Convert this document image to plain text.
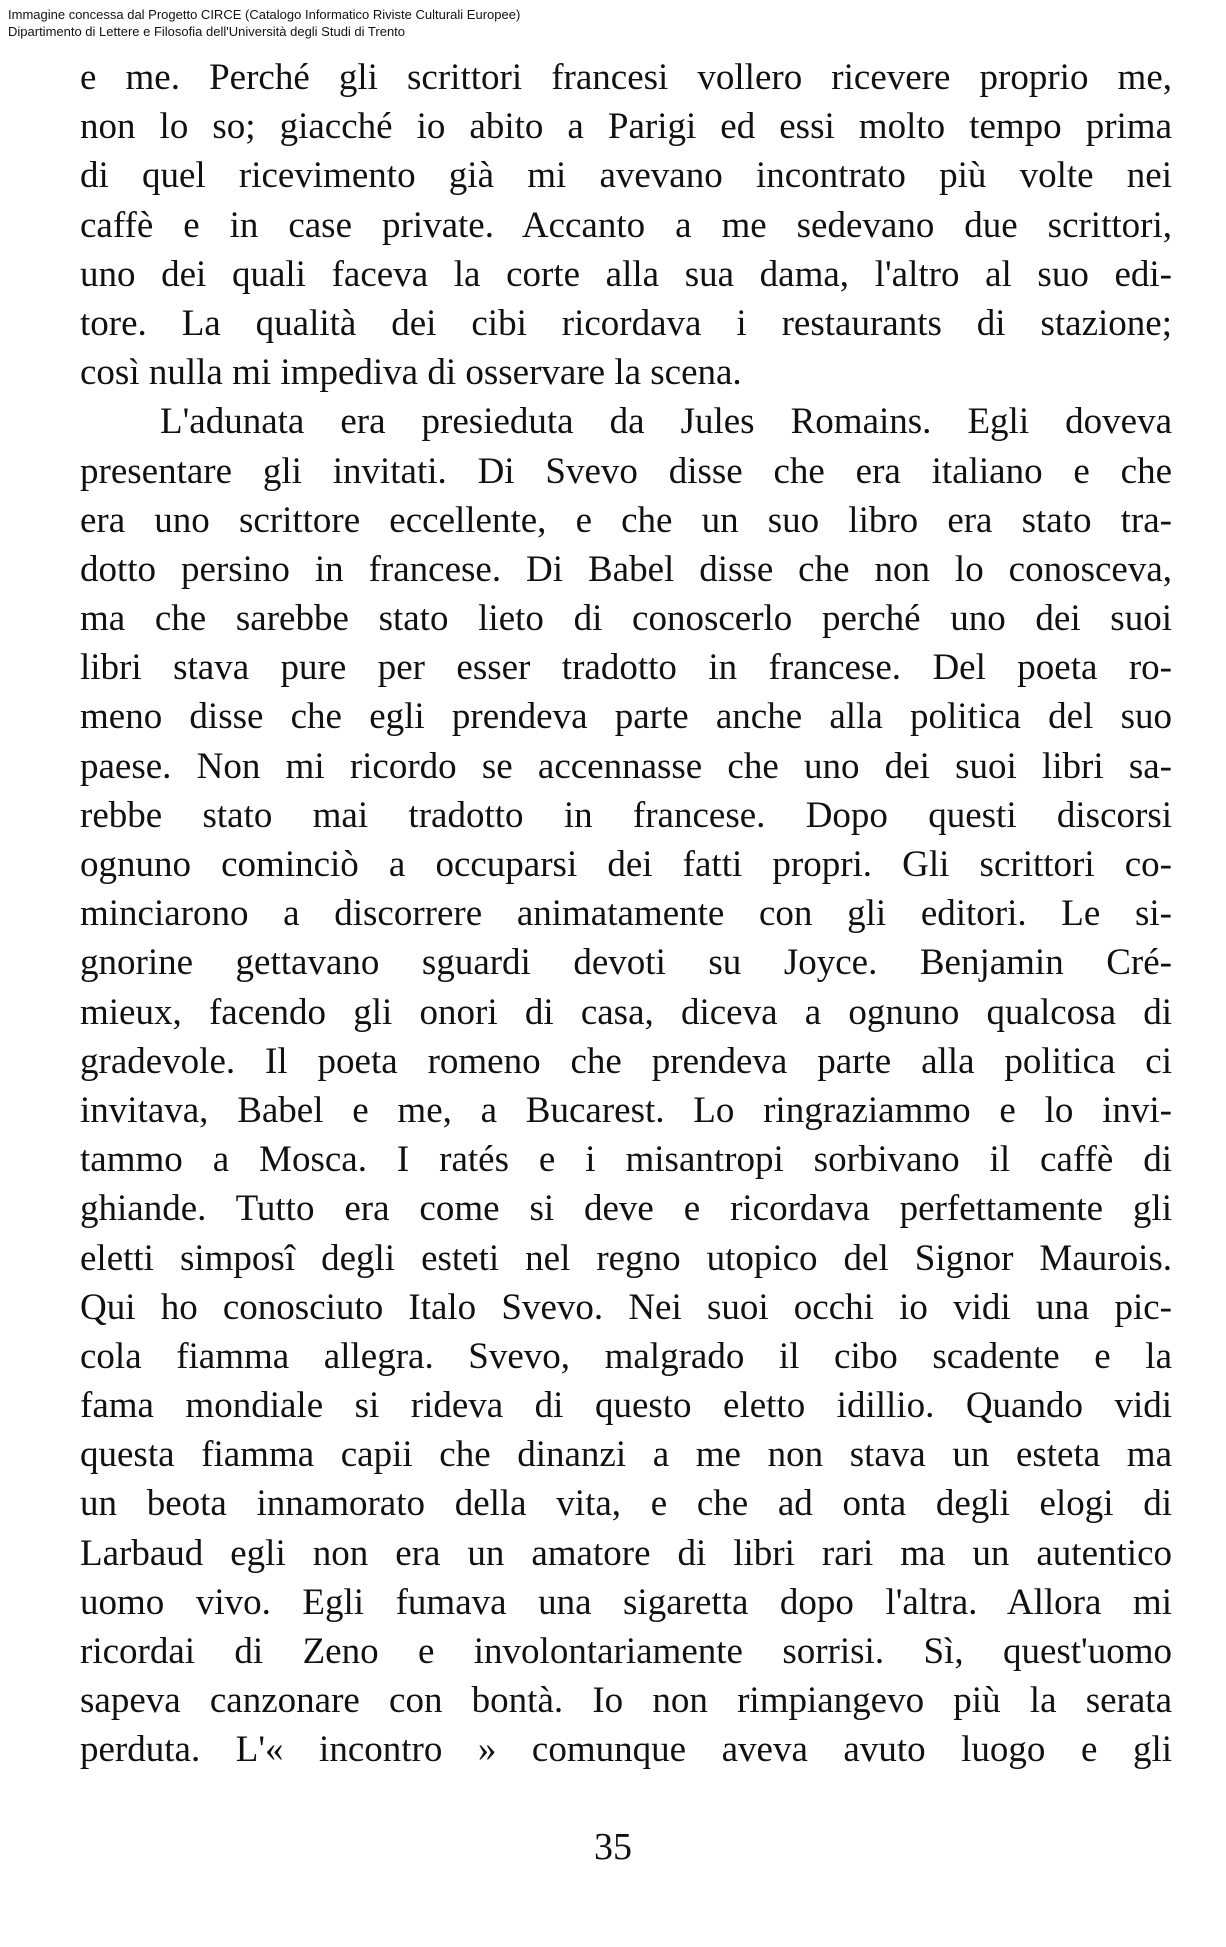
Immagine concessa dal Progetto CIRCE (Catalogo Informatico Riviste Culturali Europee)
Dipartimento di Lettere e Filosofia dell'Università degli Studi di Trento
e me. Perché gli scrittori francesi vollero ricevere proprio me,
non lo so; giacché io abito a Parigi ed essi molto tempo prima
di quel ricevimento già mi avevano incontrato più volte nei
caffè e in case private. Accanto a me sedevano due scrittori,
uno dei quali faceva la corte alla sua dama, l'altro al suo edi-
tore. La qualità dei cibi ricordava i restaurants di stazione;
così nulla mi impediva di osservare la scena.
L'adunata era presieduta da Jules Romains. Egli doveva
presentare gli invitati. Di Svevo disse che era italiano e che
era uno scrittore eccellente, e che un suo libro era stato tra-
dotto persino in francese. Di Babel disse che non lo conosceva,
ma che sarebbe stato lieto di conoscerlo perché uno dei suoi
libri stava pure per esser tradotto in francese. Del poeta ro-
meno disse che egli prendeva parte anche alla politica del suo
paese. Non mi ricordo se accennasse che uno dei suoi libri sa-
rebbe stato mai tradotto in francese. Dopo questi discorsi
ognuno cominciò a occuparsi dei fatti propri. Gli scrittori co-
minciarono a discorrere animatamente con gli editori. Le si-
gnorine gettavano sguardi devoti su Joyce. Benjamin Cré-
mieux, facendo gli onori di casa, diceva a ognuno qualcosa di
gradevole. Il poeta romeno che prendeva parte alla politica ci
invitava, Babel e me, a Bucarest. Lo ringraziammo e lo invi-
tammo a Mosca. I ratés e i misantropi sorbivano il caffè di
ghiande. Tutto era come si deve e ricordava perfettamente gli
eletti simposî degli esteti nel regno utopico del Signor Maurois.
Qui ho conosciuto Italo Svevo. Nei suoi occhi io vidi una pic-
cola fiamma allegra. Svevo, malgrado il cibo scadente e la
fama mondiale si rideva di questo eletto idillio. Quando vidi
questa fiamma capii che dinanzi a me non stava un esteta ma
un beota innamorato della vita, e che ad onta degli elogi di
Larbaud egli non era un amatore di libri rari ma un autentico
uomo vivo. Egli fumava una sigaretta dopo l'altra. Allora mi
ricordai di Zeno e involontariamente sorrisi. Sì, quest'uomo
sapeva canzonare con bontà. Io non rimpiangevo più la serata
perduta. L'« incontro » comunque aveva avuto luogo e gli
35
